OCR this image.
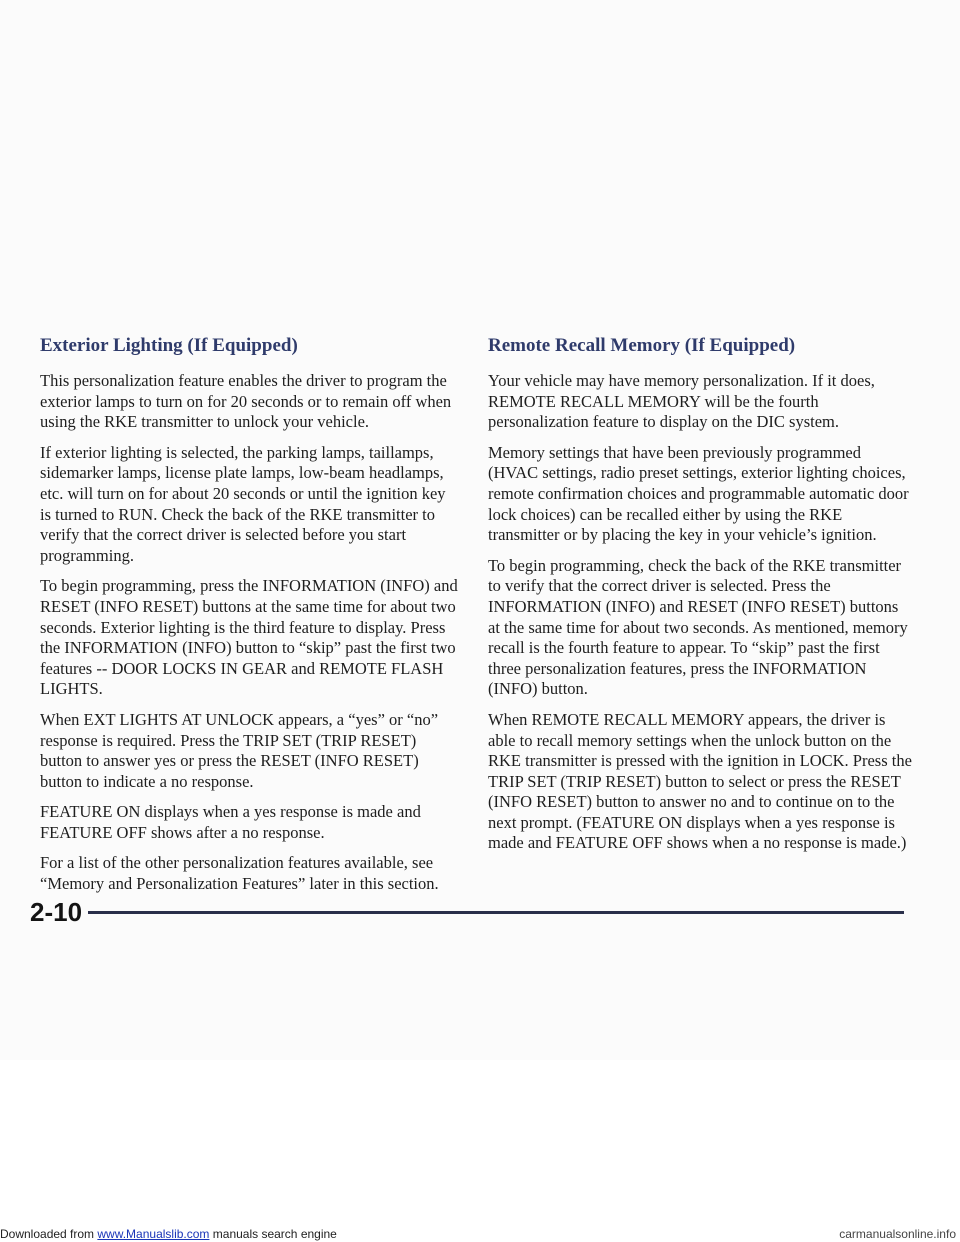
Exterior Lighting (If Equipped)

This personalization feature enables the driver to program the exterior lamps to turn on for 20 seconds or to remain off when using the RKE transmitter to unlock your vehicle.

If exterior lighting is selected, the parking lamps, taillamps, sidemarker lamps, license plate lamps, low-beam headlamps, etc. will turn on for about 20 seconds or until the ignition key is turned to RUN. Check the back of the RKE transmitter to verify that the correct driver is selected before you start programming.

To begin programming, press the INFORMATION (INFO) and RESET (INFO RESET) buttons at the same time for about two seconds. Exterior lighting is the third feature to display. Press the INFORMATION (INFO) button to “skip” past the first two features -- DOOR LOCKS IN GEAR and REMOTE FLASH LIGHTS.

When EXT LIGHTS AT UNLOCK appears, a “yes” or “no” response is required. Press the TRIP SET (TRIP RESET) button to answer yes or press the RESET (INFO RESET) button to indicate a no response.

FEATURE ON displays when a yes response is made and FEATURE OFF shows after a no response.

For a list of the other personalization features available, see “Memory and Personalization Features” later in this section.

Remote Recall Memory (If Equipped)

Your vehicle may have memory personalization. If it does, REMOTE RECALL MEMORY will be the fourth personalization feature to display on the DIC system.

Memory settings that have been previously programmed (HVAC settings, radio preset settings, exterior lighting choices, remote confirmation choices and programmable automatic door lock choices) can be recalled either by using the RKE transmitter or by placing the key in your vehicle’s ignition.

To begin programming, check the back of the RKE transmitter to verify that the correct driver is selected. Press the INFORMATION (INFO) and RESET (INFO RESET) buttons at the same time for about two seconds. As mentioned, memory recall is the fourth feature to appear. To “skip” past the first three personalization features, press the INFORMATION (INFO) button.

When REMOTE RECALL MEMORY appears, the driver is able to recall memory settings when the unlock button on the RKE transmitter is pressed with the ignition in LOCK. Press the TRIP SET (TRIP RESET) button to select or press the RESET (INFO RESET) button to answer no and to continue on to the next prompt. (FEATURE ON displays when a yes response is made and FEATURE OFF shows when a no response is made.)

2-10
Downloaded from www.Manualslib.com manuals search engine	carmanualsonline.info
